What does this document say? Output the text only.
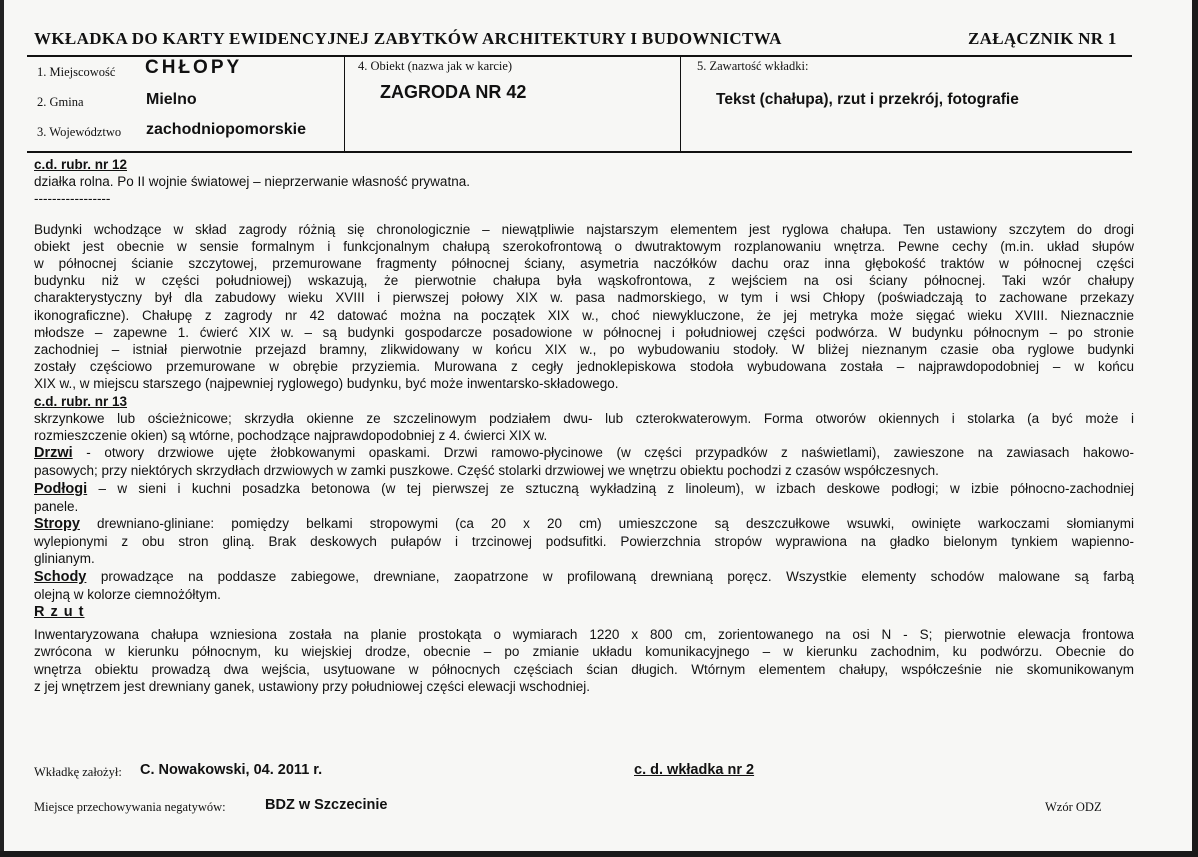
WKŁADKA DO KARTY EWIDENCYJNEJ ZABYTKÓW ARCHITEKTURY I BUDOWNICTWA	ZAŁĄCZNIK NR 1
1. Miejscowość CHŁOPY
2. Gmina	Mielno
3. Województwo zachodniopomorskie
4. Obiekt (nazwa jak w karcie)
ZAGRODA NR 42
5. Zawartość wkładki:
Tekst (chałupa), rzut i przekrój, fotografie

c.d. rubr. nr 12

działka rolna. Po II wojnie światowej – nieprzerwanie własność prywatna.

-----------------

Budynki wchodzące w skład zagrody różnią się chronologicznie – niewątpliwie najstarszym elementem jest ryglowa chałupa. Ten ustawiony szczytem do drogi

obiekt jest obecnie w sensie formalnym i funkcjonalnym chałupą szerokofrontową o dwutraktowym rozplanowaniu wnętrza. Pewne cechy (m.in. układ słupów

w północnej ścianie szczytowej, przemurowane fragmenty północnej ściany, asymetria naczółków dachu oraz inna głębokość traktów w północnej części

budynku niż w części południowej) wskazują, że pierwotnie chałupa była wąskofrontowa, z wejściem na osi ściany północnej. Taki wzór chałupy

charakterystyczny był dla zabudowy wieku XVIII i pierwszej połowy XIX w. pasa nadmorskiego, w tym i wsi Chłopy (poświadczają to zachowane przekazy

ikonograficzne). Chałupę z zagrody nr 42 datować można na początek XIX w., choć niewykluczone, że jej metryka może sięgać wieku XVIII. Nieznacznie

młodsze – zapewne 1. ćwierć XIX w. – są budynki gospodarcze posadowione w północnej i południowej części podwórza. W budynku północnym – po stronie

zachodniej – istniał pierwotnie przejazd bramny, zlikwidowany w końcu XIX w., po wybudowaniu stodoły. W bliżej nieznanym czasie oba ryglowe budynki

zostały częściowo przemurowane w obrębie przyziemia. Murowana z cegły jednoklepiskowa stodoła wybudowana została – najprawdopodobniej – w końcu

XIX w., w miejscu starszego (najpewniej ryglowego) budynku, być może inwentarsko-składowego.

c.d. rubr. nr 13

skrzynkowe lub ościeżnicowe; skrzydła okienne ze szczelinowym podziałem dwu- lub czterokwaterowym. Forma otworów okiennych i stolarka (a być może i

rozmieszczenie okien) są wtórne, pochodzące najprawdopodobniej z 4. ćwierci XIX w.

Drzwi - otwory drzwiowe ujęte żłobkowanymi opaskami. Drzwi ramowo-płycinowe (w części przypadków z naświetlami), zawieszone na zawiasach hakowo-

pasowych; przy niektórych skrzydłach drzwiowych w zamki puszkowe. Część stolarki drzwiowej we wnętrzu obiektu pochodzi z czasów współczesnych.

Podłogi – w sieni i kuchni posadzka betonowa (w tej pierwszej ze sztuczną wykładziną z linoleum), w izbach deskowe podłogi; w izbie północno-zachodniej

panele.

Stropy drewniano-gliniane: pomiędzy belkami stropowymi (ca 20 x 20 cm) umieszczone są deszczułkowe wsuwki, owinięte warkoczami słomianymi

wylepionymi z obu stron gliną. Brak deskowych pułapów i trzcinowej podsufitki. Powierzchnia stropów wyprawiona na gładko bielonym tynkiem wapienno-

glinianym.

Schody prowadzące na poddasze zabiegowe, drewniane, zaopatrzone w profilowaną drewnianą poręcz. Wszystkie elementy schodów malowane są farbą

olejną w kolorze ciemnożółtym.

R z u t

Inwentaryzowana chałupa wzniesiona została na planie prostokąta o wymiarach 1220 x 800 cm, zorientowanego na osi N - S; pierwotnie elewacja frontowa

zwrócona w kierunku północnym, ku wiejskiej drodze, obecnie – po zmianie układu komunikacyjnego – w kierunku zachodnim, ku podwórzu. Obecnie do

wnętrza obiektu prowadzą dwa wejścia, usytuowane w północnych częściach ścian długich. Wtórnym elementem chałupy, współcześnie nie skomunikowanym

z jej wnętrzem jest drewniany ganek, ustawiony przy południowej części elewacji wschodniej.

Wkładkę założył: C. Nowakowski, 04. 2011 r.	c. d. wkładka nr 2
Miejsce przechowywania negatywów:	BDZ w Szczecinie	Wzór ODZ
